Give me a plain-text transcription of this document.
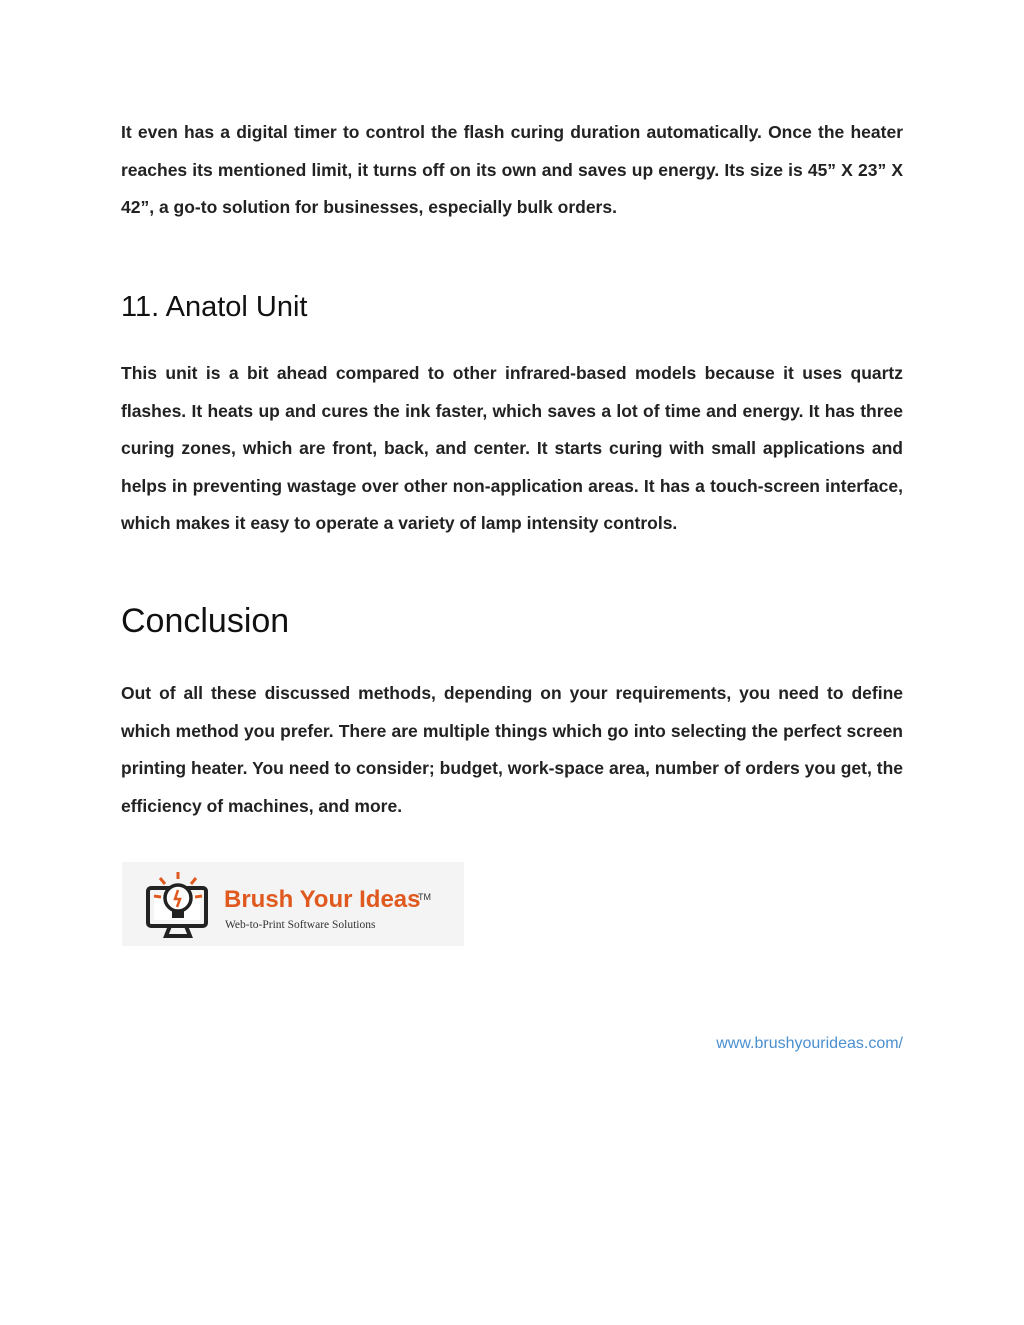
It even has a digital timer to control the flash curing duration automatically. Once the heater reaches its mentioned limit, it turns off on its own and saves up energy. Its size is 45” X 23” X 42”, a go-to solution for businesses, especially bulk orders.

11. Anatol Unit

This unit is a bit ahead compared to other infrared-based models because it uses quartz flashes. It heats up and cures the ink faster, which saves a lot of time and energy. It has three curing zones, which are front, back, and center. It starts curing with small applications and helps in preventing wastage over other non-application areas. It has a touch-screen interface, which makes it easy to operate a variety of lamp intensity controls.

Conclusion

Out of all these discussed methods, depending on your requirements, you need to define which method you prefer. There are multiple things which go into selecting the perfect screen printing heater. You need to consider; budget, work-space area, number of orders you get, the efficiency of machines, and more.

Brush Your Ideas
TM
Web-to-Print Software Solutions
www.brushyourideas.com/
